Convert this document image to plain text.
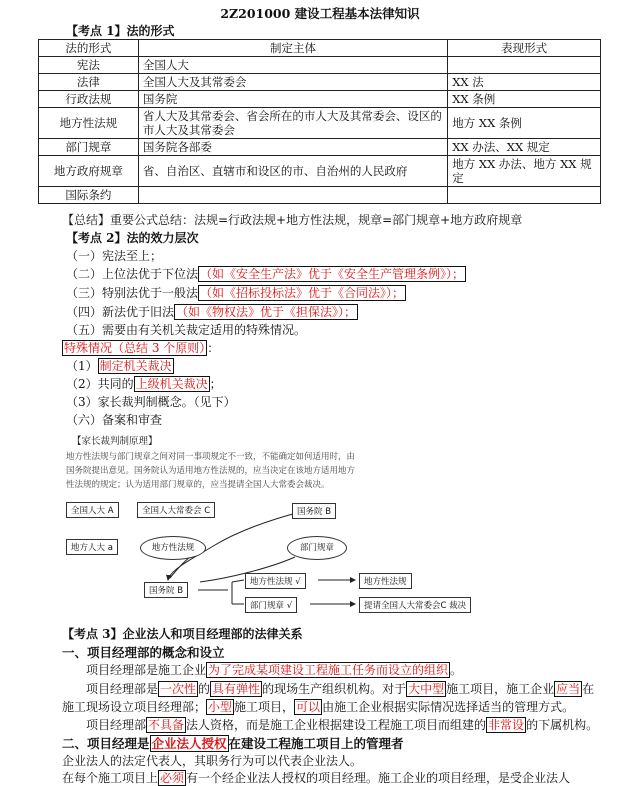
2Z201000 建设工程基本法律知识
【考点 1】法的形式
法的形式	制定主体	表现形式
宪法	全国人大	
法律	全国人大及其常委会	XX 法
行政法规	国务院	XX 条例
地方性法规	省人大及其常委会、省会所在的市人大及其常委会、设区的市人大及其常委会	地方 XX 条例
部门规章	国务院各部委	XX 办法、XX 规定
地方政府规章	省、自治区、直辖市和设区的市、自治州的人民政府	地方 XX 办法、地方 XX 规定
国际条约		
【总结】重要公式总结：法规=行政法规+地方性法规，规章=部门规章+地方政府规章
【考点 2】法的效力层次
（一）宪法至上；
（二）上位法优于下位法 （如《安全生产法》优于《安全生产管理条例》）；
（三）特别法优于一般法 （如《招标投标法》优于《合同法》）；
（四）新法优于旧法 （如《物权法》优于《担保法》）；
（五）需要由有关机关裁定适用的特殊情况。
特殊情况（总结 3 个原则） ：
（1） 制定机关裁决
（2）共同的 上级机关裁决 ；
（3）家长裁判制概念。（见下）
（六）备案和审查
【家长裁判制原理】
地方性法规与部门规章之间对同一事项规定不一致，不能确定如何适用时，由
国务院提出意见。国务院认为适用地方性法规的，应当决定在该地方适用地方
性法规的规定；认为适用部门规章的，应当提请全国人大常委会裁决。
全国人大 A	全国人大常委会 C	国务院 B
地方人大 a	地方性法规	部门规章
国务院 B
地方性法规 √
部门规章 √
地方性法规
提请全国人大常委会C 裁决
【考点 3】企业法人和项目经理部的法律关系
一、项目经理部的概念和设立
项目经理部是施工企业 为了完成某项建设工程施工任务而设立的组织 。
项目经理部是 一次性 的 具有弹性 的现场生产组织机构。对于 大中型 施工项目，施工企业 应当 在
施工现场设立项目经理部； 小型 施工项目， 可以 由施工企业根据实际情况选择适当的管理方式。
项目经理部 不具备 法人资格，而是施工企业根据建设工程施工项目而组建的 非常设 的下属机构。
二、项目经理是 企业法人授权 在建设工程施工项目上的管理者
企业法人的法定代表人，其职务行为可以代表企业法人。
在每个施工项目上 必须 有一个经企业法人授权的项目经理。施工企业的项目经理，是受企业法人
